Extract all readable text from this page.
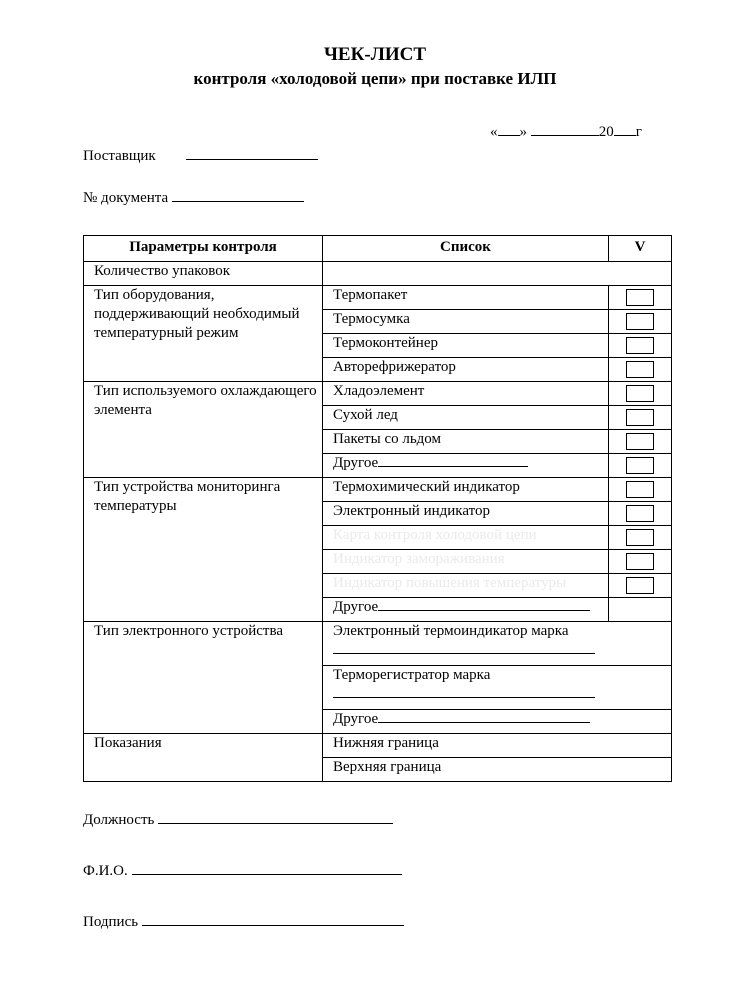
ЧЕК-ЛИСТ
контроля «холодовой цепи» при поставке ИЛП
« »	20 г
Поставщик
№ документа
Параметры контроля	Список	V
Количество упаковок		
Тип оборудования, поддерживающий необходимый температурный режим	Термопакет	
	Термосумка	
	Термоконтейнер	
	Авторефрижератор	
Тип используемого охлаждающего элемента	Хладоэлемент	
	Сухой лед	
	Пакеты со льдом	
	Другое	
Тип устройства мониторинга температуры	Термохимический индикатор	
	Электронный индикатор	
	Карта контроля холодовой цепи	
	Индикатор замораживания	
	Индикатор повышения температуры	
	Другое	
Тип электронного устройства	Электронный термоиндикатор марка	

	Терморегистратор марка	

	Другое	
Показания	Нижняя граница	
	Верхняя граница	
Должность
Ф.И.О.
Подпись
